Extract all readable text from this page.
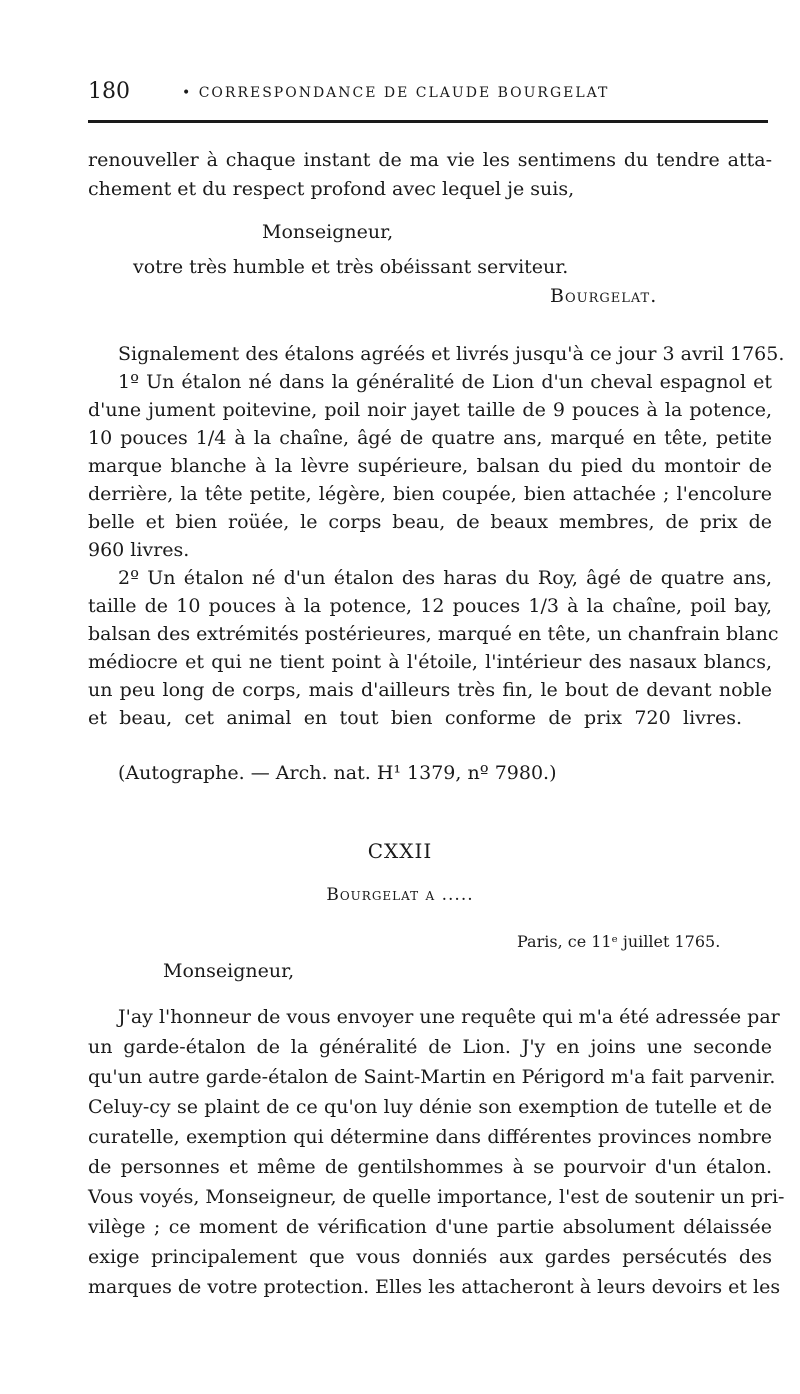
180	• CORRESPONDANCE DE CLAUDE BOURGELAT
renouveller à chaque instant de ma vie les sentimens du tendre atta-
chement et du respect profond avec lequel je suis,
Monseigneur,
votre très humble et très obéissant serviteur.
Bourgelat.
Signalement des étalons agréés et livrés jusqu'à ce jour 3 avril 1765.
1º Un étalon né dans la généralité de Lion d'un cheval espagnol et
d'une jument poitevine, poil noir jayet taille de 9 pouces à la potence,
10 pouces 1/4 à la chaîne, âgé de quatre ans, marqué en tête, petite
marque blanche à la lèvre supérieure, balsan du pied du montoir de
derrière, la tête petite, légère, bien coupée, bien attachée ; l'encolure
belle et bien roüée, le corps beau, de beaux membres, de prix de
960 livres.
2º Un étalon né d'un étalon des haras du Roy, âgé de quatre ans,
taille de 10 pouces à la potence, 12 pouces 1/3 à la chaîne, poil bay,
balsan des extrémités postérieures, marqué en tête, un chanfrain blanc
médiocre et qui ne tient point à l'étoile, l'intérieur des nasaux blancs,
un peu long de corps, mais d'ailleurs très fin, le bout de devant noble
et beau, cet animal en tout bien conforme de prix 720 livres.
(Autographe. — Arch. nat. H¹ 1379, nº 7980.)
CXXII
Bourgelat a .....
Paris, ce 11ᵉ juillet 1765.
Monseigneur,
J'ay l'honneur de vous envoyer une requête qui m'a été adressée par
un garde-étalon de la généralité de Lion. J'y en joins une seconde
qu'un autre garde-étalon de Saint-Martin en Périgord m'a fait parvenir.
Celuy-cy se plaint de ce qu'on luy dénie son exemption de tutelle et de
curatelle, exemption qui détermine dans différentes provinces nombre
de personnes et même de gentilshommes à se pourvoir d'un étalon.
Vous voyés, Monseigneur, de quelle importance, l'est de soutenir un pri-
vilège ; ce moment de vérification d'une partie absolument délaissée
exige principalement que vous donniés aux gardes persécutés des
marques de votre protection. Elles les attacheront à leurs devoirs et les
